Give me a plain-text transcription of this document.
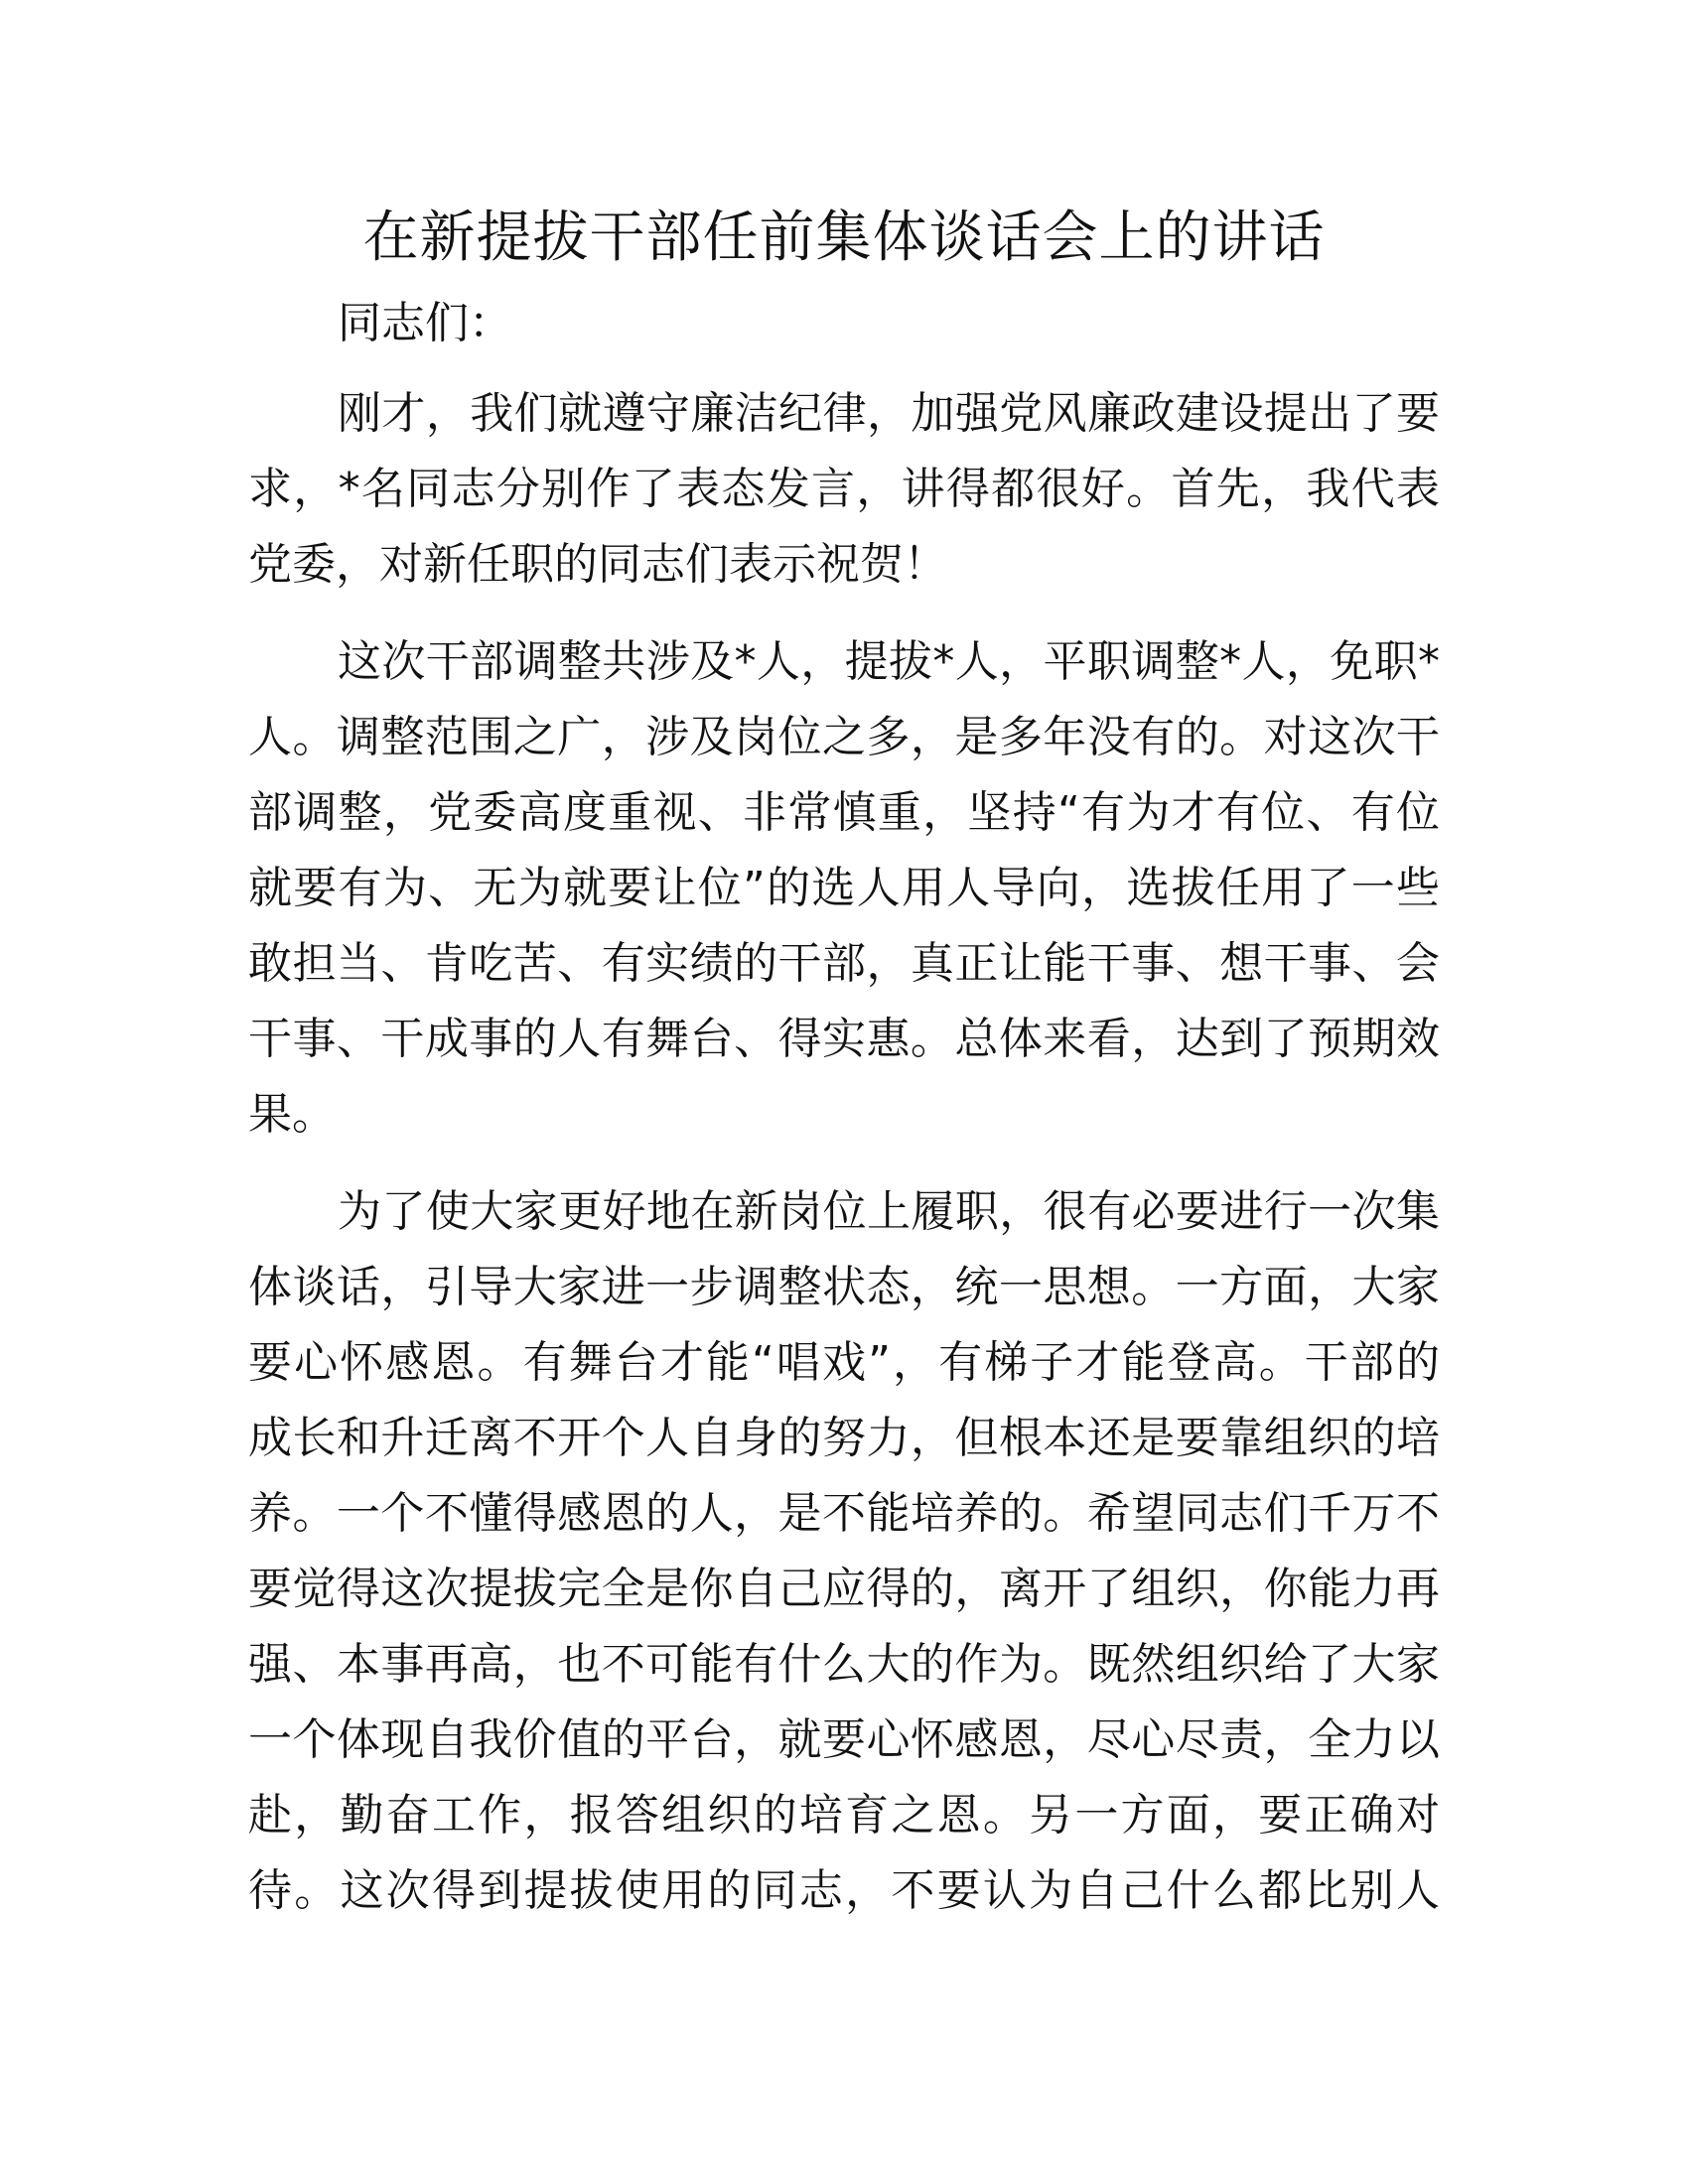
在新提拔干部任前集体谈话会上的讲话

同志们：

刚才，我们就遵守廉洁纪律，加强党风廉政建设提出了要
求，*名同志分别作了表态发言，讲得都很好。首先，我代表
党委，对新任职的同志们表示祝贺！
这次干部调整共涉及*人，提拔*人，平职调整*人，免职*
人。调整范围之广，涉及岗位之多，是多年没有的。对这次干
部调整，党委高度重视、非常慎重，坚持“有为才有位、有位
就要有为、无为就要让位”的选人用人导向，选拔任用了一些
敢担当、肯吃苦、有实绩的干部，真正让能干事、想干事、会
干事、干成事的人有舞台、得实惠。总体来看，达到了预期效
果。
为了使大家更好地在新岗位上履职，很有必要进行一次集
体谈话，引导大家进一步调整状态，统一思想。一方面，大家
要心怀感恩。有舞台才能“唱戏”，有梯子才能登高。干部的
成长和升迁离不开个人自身的努力，但根本还是要靠组织的培
养。一个不懂得感恩的人，是不能培养的。希望同志们千万不
要觉得这次提拔完全是你自己应得的，离开了组织，你能力再
强、本事再高，也不可能有什么大的作为。既然组织给了大家
一个体现自我价值的平台，就要心怀感恩，尽心尽责，全力以
赴，勤奋工作，报答组织的培育之恩。另一方面，要正确对
待。这次得到提拔使用的同志，不要认为自己什么都比别人
